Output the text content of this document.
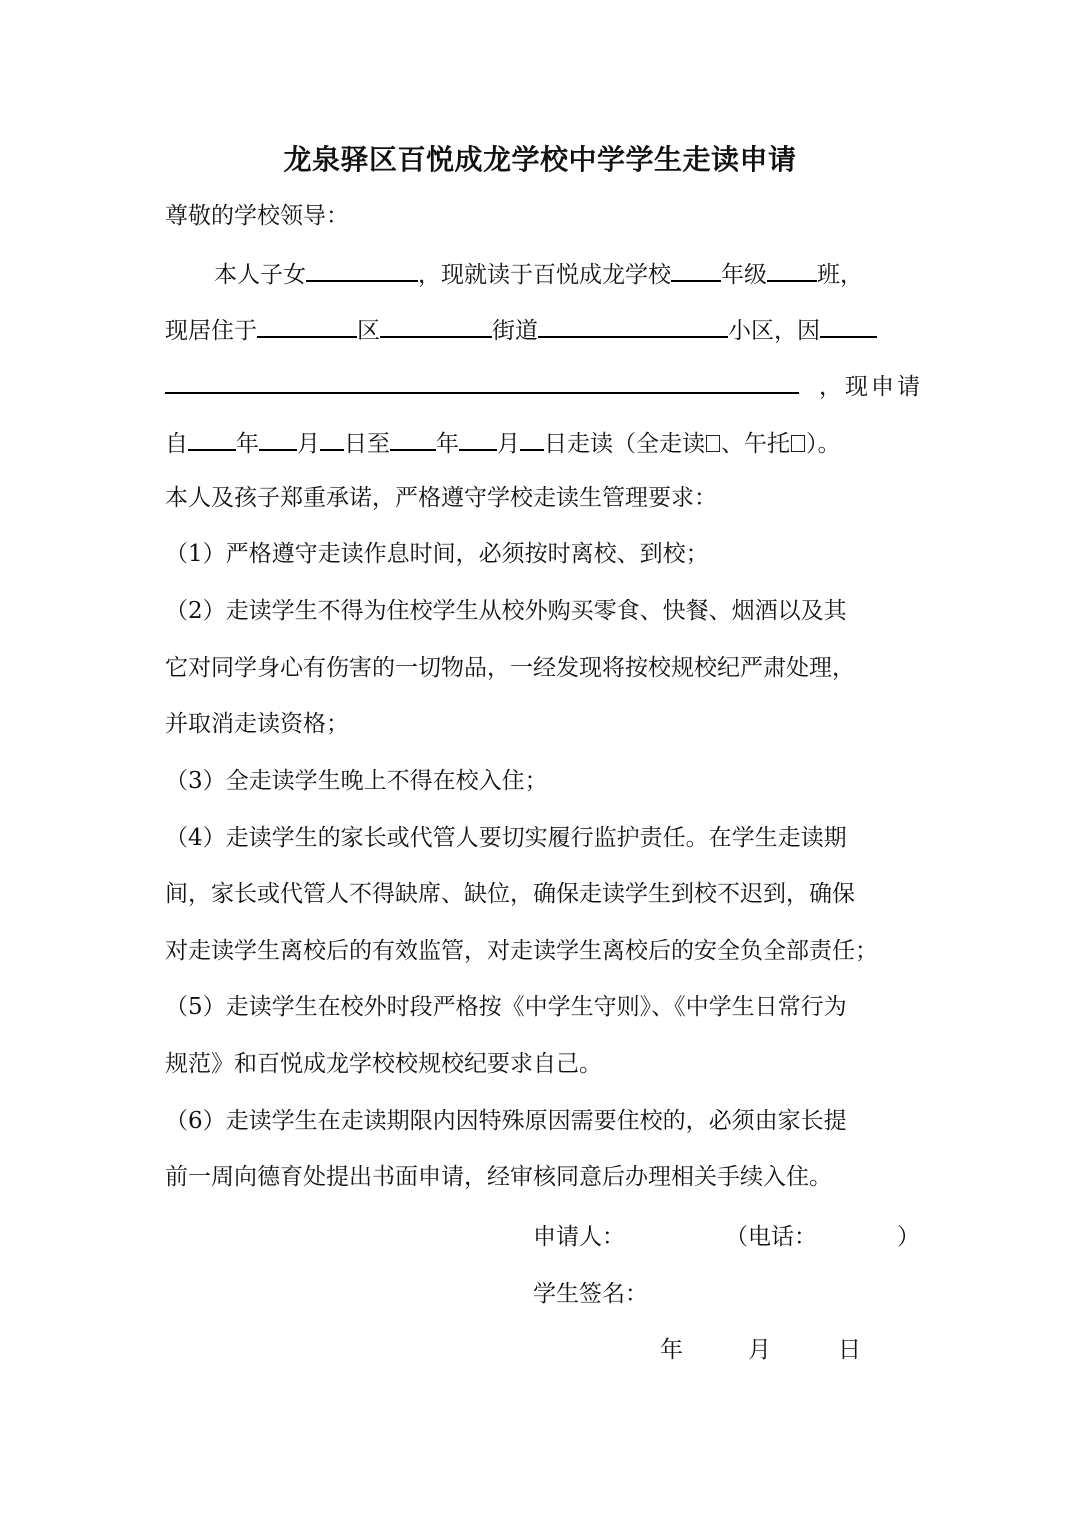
龙泉驿区百悦成龙学校中学学生走读申请
尊敬的学校领导：
本人子女	，现就读于百悦成龙学校 年级 班，
现居住于	区	街道	小区，因
，现申请
自 年 月 日至 年 月 日走读（全走读 、午托 ）。
本人及孩子郑重承诺，严格遵守学校走读生管理要求：
（1）严格遵守走读作息时间，必须按时离校、到校；
（2）走读学生不得为住校学生从校外购买零食、快餐、烟酒以及其
它对同学身心有伤害的一切物品，一经发现将按校规校纪严肃处理，
并取消走读资格；
（3）全走读学生晚上不得在校入住；
（4）走读学生的家长或代管人要切实履行监护责任。在学生走读期
间，家长或代管人不得缺席、缺位，确保走读学生到校不迟到，确保
对走读学生离校后的有效监管，对走读学生离校后的安全负全部责任；
（5）走读学生在校外时段严格按《中学生守则》、《中学生日常行为
规范》和百悦成龙学校校规校纪要求自己。
（6）走读学生在走读期限内因特殊原因需要住校的，必须由家长提
前一周向德育处提出书面申请，经审核同意后办理相关手续入住。
申请人：	（电话：	）
学生签名：
年	月	日
